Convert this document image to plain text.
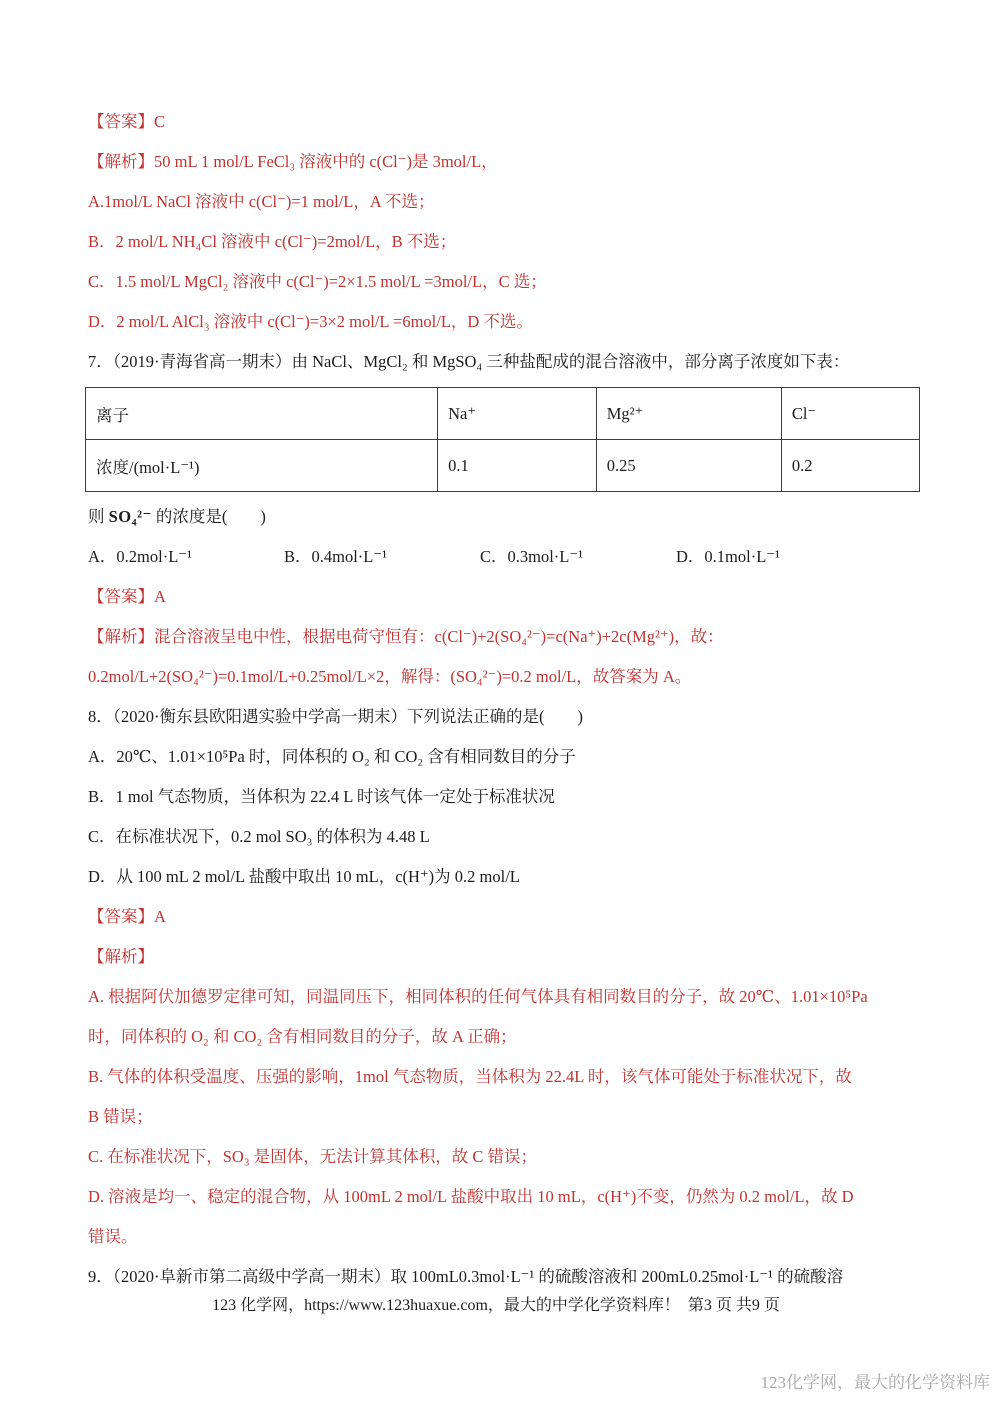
【答案】C

【解析】50 mL 1 mol/L FeCl₃ 溶液中的 c(Cl⁻)是 3mol/L，

A.1mol/L NaCl 溶液中 c(Cl⁻)=1 mol/L，A 不选；

B．2 mol/L NH₄Cl 溶液中 c(Cl⁻)=2mol/L，B 不选；

C．1.5 mol/L MgCl₂ 溶液中 c(Cl⁻)=2×1.5 mol/L =3mol/L，C 选；

D．2 mol/L AlCl₃ 溶液中 c(Cl⁻)=3×2 mol/L =6mol/L，D 不选。

7．（2019·青海省高一期末）由 NaCl、MgCl₂ 和 MgSO₄ 三种盐配成的混合溶液中，部分离子浓度如下表：

离子	Na⁺	Mg²⁺	Cl⁻
浓度/(mol·L⁻¹)	0.1	0.25	0.2

则 SO₄²⁻ 的浓度是(　　)

A．0.2mol·L⁻¹	B．0.4mol·L⁻¹	C．0.3mol·L⁻¹	D．0.1mol·L⁻¹

【答案】A

【解析】混合溶液呈电中性，根据电荷守恒有：c(Cl⁻)+2(SO₄²⁻)=c(Na⁺)+2c(Mg²⁺)，故：

0.2mol/L+2(SO₄²⁻)=0.1mol/L+0.25mol/L×2，解得：(SO₄²⁻)=0.2 mol/L，故答案为 A。

8．（2020·衡东县欧阳遇实验中学高一期末）下列说法正确的是(　　)

A．20℃、1.01×10⁵Pa 时，同体积的 O₂ 和 CO₂ 含有相同数目的分子

B．1 mol 气态物质，当体积为 22.4 L 时该气体一定处于标准状况

C．在标准状况下，0.2 mol SO₃ 的体积为 4.48 L

D．从 100 mL 2 mol/L 盐酸中取出 10 mL，c(H⁺)为 0.2 mol/L

【答案】A

【解析】

A. 根据阿伏加德罗定律可知，同温同压下，相同体积的任何气体具有相同数目的分子，故 20℃、1.01×10⁵Pa

时，同体积的 O₂ 和 CO₂ 含有相同数目的分子，故 A 正确；

B. 气体的体积受温度、压强的影响，1mol 气态物质，当体积为 22.4L 时，该气体可能处于标准状况下，故

B 错误；

C. 在标准状况下，SO₃ 是固体，无法计算其体积，故 C 错误；

D. 溶液是均一、稳定的混合物，从 100mL 2 mol/L 盐酸中取出 10 mL，c(H⁺)不变，仍然为 0.2 mol/L，故 D

错误。

9．（2020·阜新市第二高级中学高一期末）取 100mL0.3mol·L⁻¹ 的硫酸溶液和 200mL0.25mol·L⁻¹ 的硫酸溶

123 化学网，https://www.123huaxue.com，最大的中学化学资料库！  第3 页 共9 页
123化学网，最大的化学资料库
